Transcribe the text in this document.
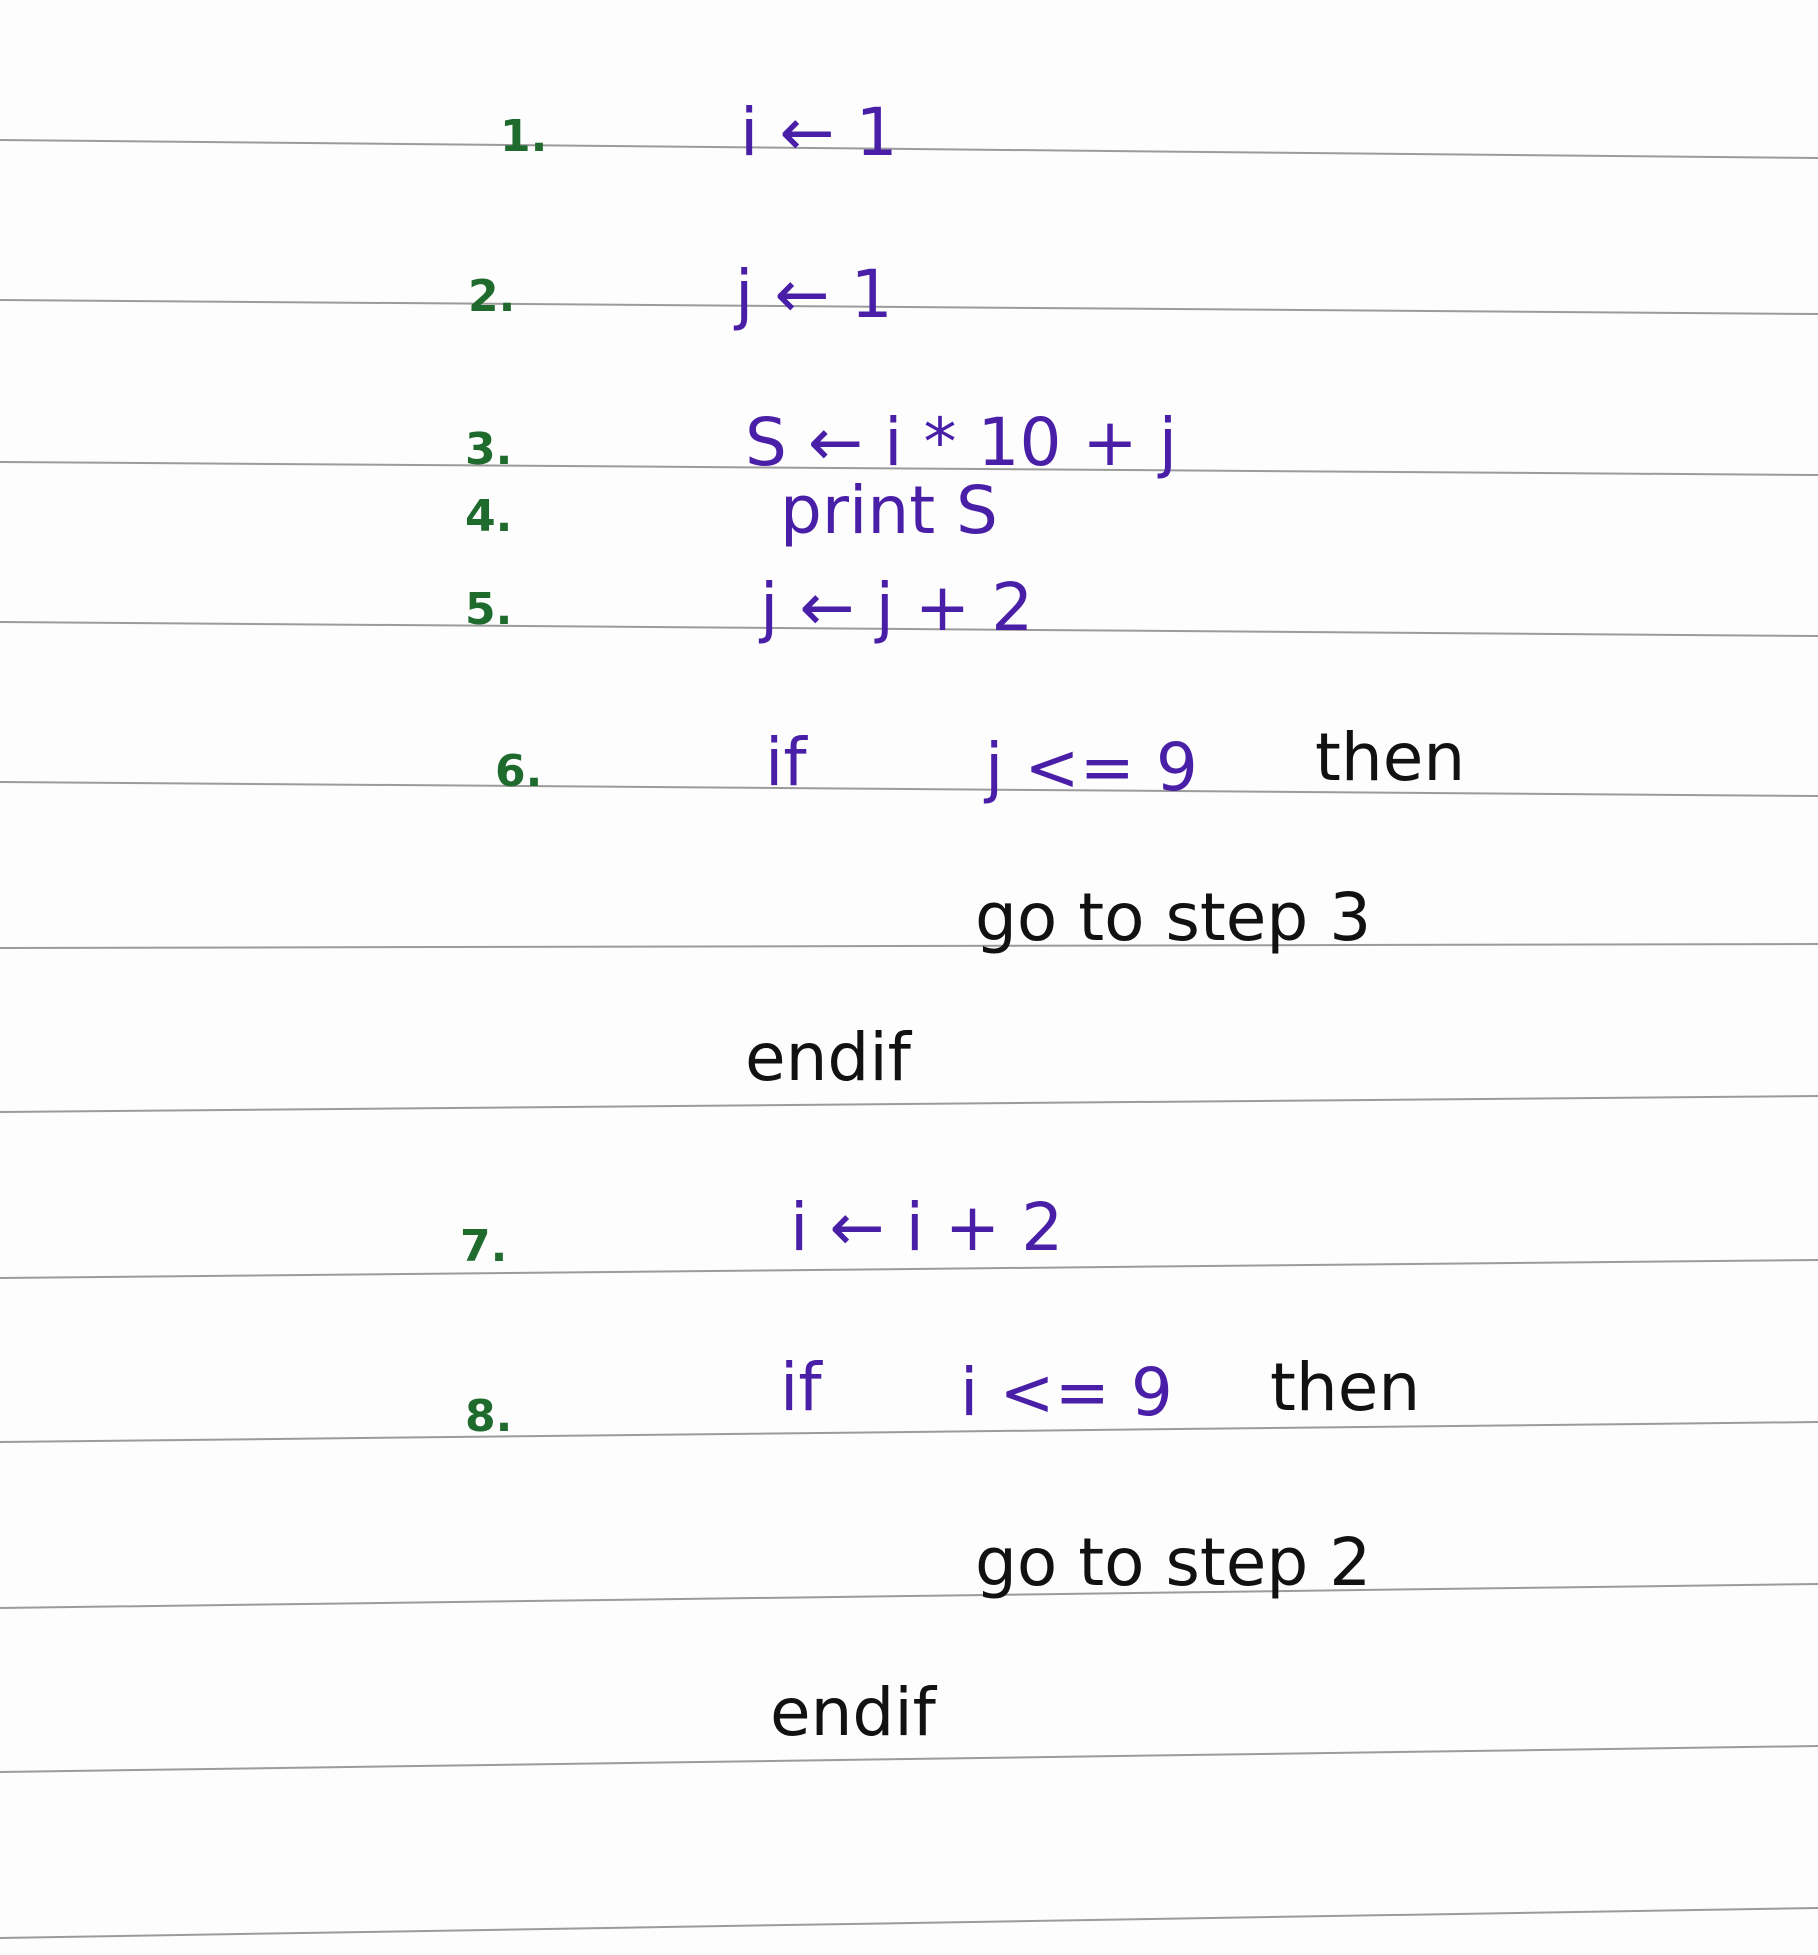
1.	i ← 1
2.	j ← 1
3.	S ← i * 10 + j
4.	print S
5.	j ← j + 2
6.	if	j <= 9 then
go to step 3
endif
7.	i ← i + 2
8.	if i <= 9 then
go to step 2
endif
